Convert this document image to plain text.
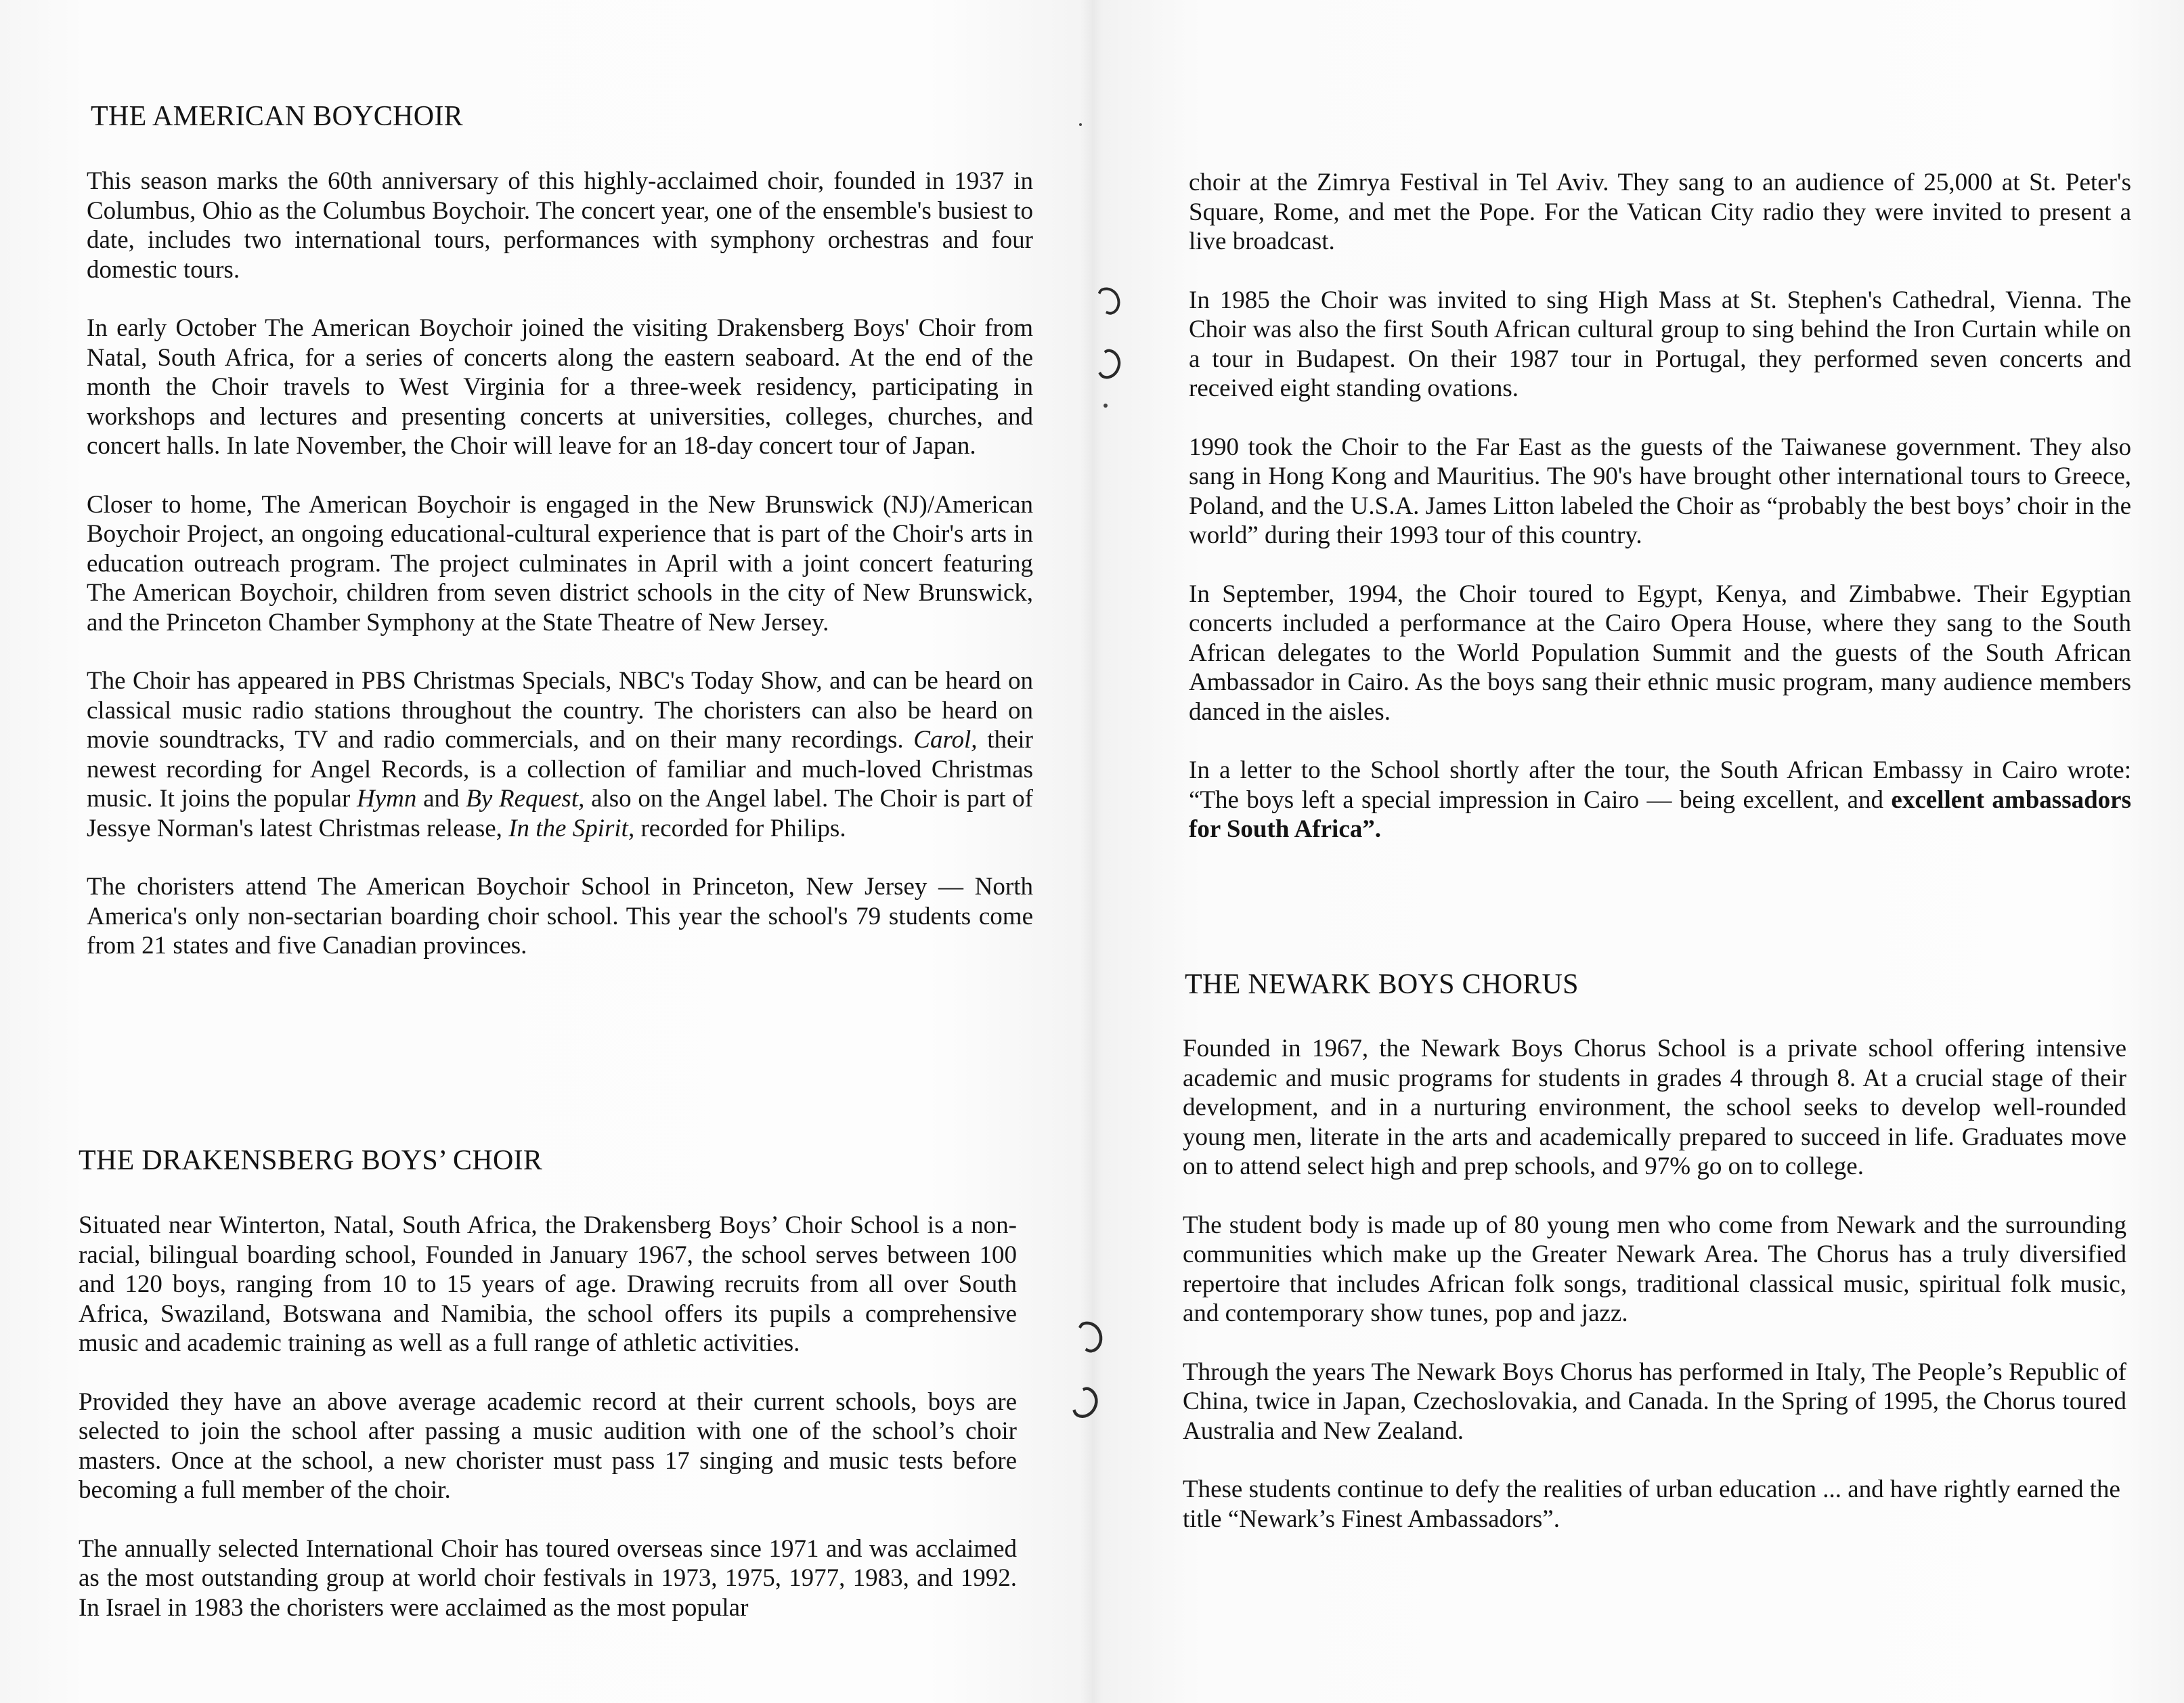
THE AMERICAN BOYCHOIR

This season marks the 60th anniversary of this highly-acclaimed choir, founded in 1937 in Columbus, Ohio as the Columbus Boychoir. The concert year, one of the ensemble's busiest to date, includes two international tours, performances with symphony orchestras and four domestic tours.

In early October The American Boychoir joined the visiting Drakensberg Boys' Choir from Natal, South Africa, for a series of concerts along the eastern seaboard. At the end of the month the Choir travels to West Virginia for a three-week residency, participating in workshops and lectures and presenting concerts at universities, colleges, churches, and concert halls. In late November, the Choir will leave for an 18-day concert tour of Japan.

Closer to home, The American Boychoir is engaged in the New Brunswick (NJ)/American Boychoir Project, an ongoing educational-cultural experience that is part of the Choir's arts in education outreach program. The project culminates in April with a joint concert featuring The American Boychoir, children from seven district schools in the city of New Brunswick, and the Princeton Chamber Symphony at the State Theatre of New Jersey.

The Choir has appeared in PBS Christmas Specials, NBC's Today Show, and can be heard on classical music radio stations throughout the country. The choristers can also be heard on movie soundtracks, TV and radio commercials, and on their many recordings. Carol, their newest recording for Angel Records, is a collection of familiar and much-loved Christmas music. It joins the popular Hymn and By Request, also on the Angel label. The Choir is part of Jessye Norman's latest Christmas release, In the Spirit, recorded for Philips.

The choristers attend The American Boychoir School in Princeton, New Jersey — North America's only non-sectarian boarding choir school. This year the school's 79 students come from 21 states and five Canadian provinces.

THE DRAKENSBERG BOYS’ CHOIR

Situated near Winterton, Natal, South Africa, the Drakensberg Boys’ Choir School is a non-racial, bilingual boarding school, Founded in January 1967, the school serves between 100 and 120 boys, ranging from 10 to 15 years of age. Drawing recruits from all over South Africa, Swaziland, Botswana and Namibia, the school offers its pupils a comprehensive music and academic training as well as a full range of athletic activities.

Provided they have an above average academic record at their current schools, boys are selected to join the school after passing a music audition with one of the school’s choir masters. Once at the school, a new chorister must pass 17 singing and music tests before becoming a full member of the choir.

The annually selected International Choir has toured overseas since 1971 and was acclaimed as the most outstanding group at world choir festivals in 1973, 1975, 1977, 1983, and 1992. In Israel in 1983 the choristers were acclaimed as the most popular

choir at the Zimrya Festival in Tel Aviv. They sang to an audience of 25,000 at St. Peter's Square, Rome, and met the Pope. For the Vatican City radio they were invited to present a live broadcast.

In 1985 the Choir was invited to sing High Mass at St. Stephen's Cathedral, Vienna. The Choir was also the first South African cultural group to sing behind the Iron Curtain while on a tour in Budapest. On their 1987 tour in Portugal, they performed seven concerts and received eight standing ovations.

1990 took the Choir to the Far East as the guests of the Taiwanese government. They also sang in Hong Kong and Mauritius. The 90's have brought other international tours to Greece, Poland, and the U.S.A. James Litton labeled the Choir as “probably the best boys’ choir in the world” during their 1993 tour of this country.

In September, 1994, the Choir toured to Egypt, Kenya, and Zimbabwe. Their Egyptian concerts included a performance at the Cairo Opera House, where they sang to the South African delegates to the World Population Summit and the guests of the South African Ambassador in Cairo. As the boys sang their ethnic music program, many audience members danced in the aisles.

In a letter to the School shortly after the tour, the South African Embassy in Cairo wrote: “The boys left a special impression in Cairo — being excellent, and excellent ambassadors for South Africa”.

THE NEWARK BOYS CHORUS

Founded in 1967, the Newark Boys Chorus School is a private school offering intensive academic and music programs for students in grades 4 through 8. At a crucial stage of their development, and in a nurturing environment, the school seeks to develop well-rounded young men, literate in the arts and academically prepared to succeed in life. Graduates move on to attend select high and prep schools, and 97% go on to college.

The student body is made up of 80 young men who come from Newark and the surrounding communities which make up the Greater Newark Area. The Chorus has a truly diversified repertoire that includes African folk songs, traditional classical music, spiritual folk music, and contemporary show tunes, pop and jazz.

Through the years The Newark Boys Chorus has performed in Italy, The People’s Republic of China, twice in Japan, Czechoslovakia, and Canada. In the Spring of 1995, the Chorus toured Australia and New Zealand.

These students continue to defy the realities of urban education ... and have rightly earned the title “Newark’s Finest Ambassadors”.
